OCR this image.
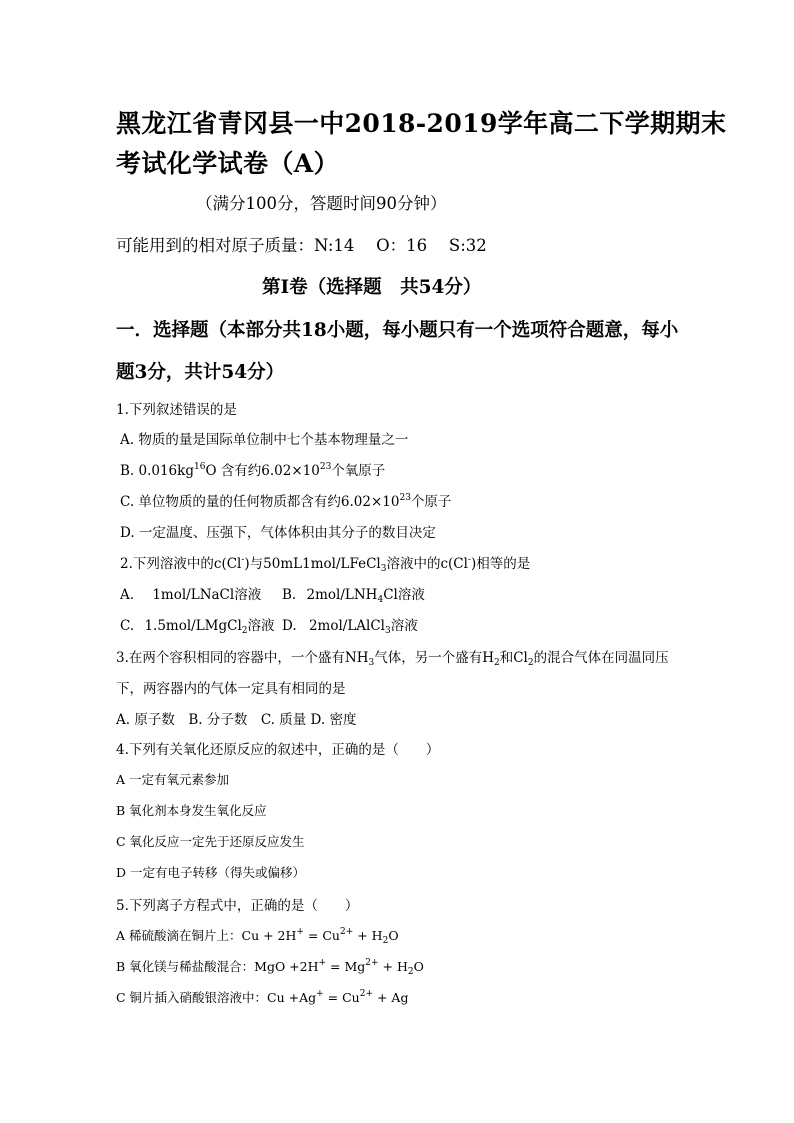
黑龙江省青冈县一中2018-2019学年高二下学期期末
考试化学试卷（A）
（满分100分，答题时间90分钟）
可能用到的相对原子质量：N:14　 O：16　 S:32
第Ⅰ卷（选择题　共54分）
一．选择题（本部分共18小题，每小题只有一个选项符合题意，每小
题3分，共计54分）
1.下列叙述错误的是
A. 物质的量是国际单位制中七个基本物理量之一
B. $0.016kg^{16}O$ 含有约$6.02\times 10^{23}$个氧原子
C. 单位物质的量的任何物质都含有约$6.02\times 10^{23}$个原子
D. 一定温度、压强下，气体体积由其分子的数目决定
2.下列溶液中的c(Cl-)与50mL1mol/LFeCl$_3$溶液中的c(Cl-)相等的是
A. 1mol/LNaCl溶液 B. $2mol/LNH_4Cl$溶液
C. 1.5mol/LMgCl$_2$溶液 D. 2mol/LAlCl$_3$溶液
3.在两个容积相同的容器中，一个盛有$NH_3$气体，另一个盛有$H_2$和$Cl_2$的混合气体在同温同压
下，两容器内的气体一定具有相同的是
A. 原子数　B. 分子数　C. 质量 D. 密度
4.下列有关氧化还原反应的叙述中，正确的是（　　）
A 一定有氧元素参加
B 氧化剂本身发生氧化反应
C 氧化反应一定先于还原反应发生
D 一定有电子转移（得失或偏移）
5.下列离子方程式中，正确的是（　　）
A 稀硫酸滴在铜片上：$Cu + 2H^+ = Cu^{2+} + H_2O$
B 氧化镁与稀盐酸混合：MgO $+2H^+ = Mg^{2+} + H_2O$
C 铜片插入硝酸银溶液中：$Cu +Ag^+ = Cu^{2+} + Ag$
